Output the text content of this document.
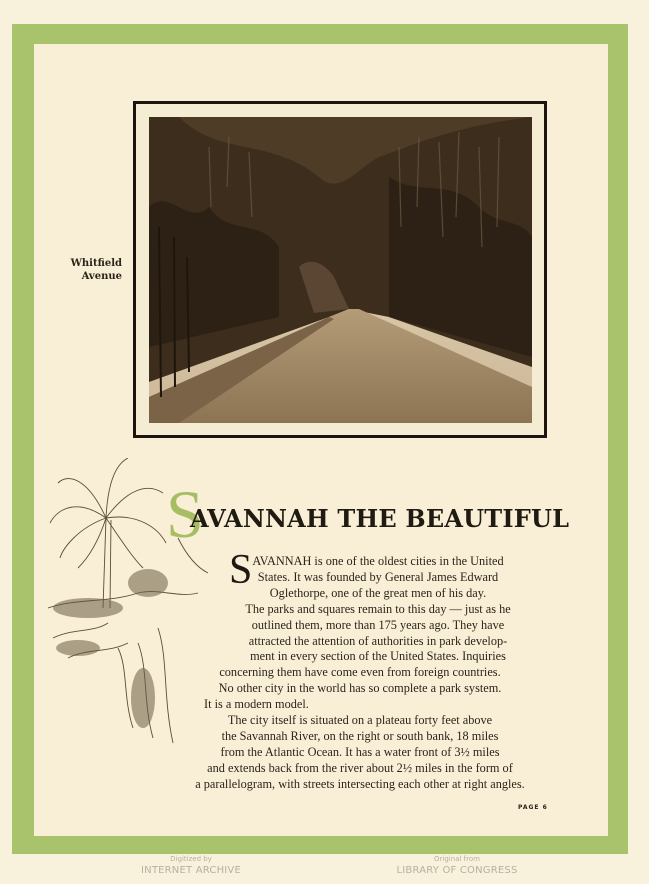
Whitfield
Avenue
S
AVANNAH THE BEAUTIFUL
S AVANNAH is one of the oldest cities in the United
States. It was founded by General James Edward
Oglethorpe, one of the great men of his day.
The parks and squares remain to this day — just as he
outlined them, more than 175 years ago. They have
attracted the attention of authorities in park develop-
ment in every section of the United States. Inquiries
concerning them have come even from foreign countries.
No other city in the world has so complete a park system.
It is a modern model.
The city itself is situated on a plateau forty feet above
the Savannah River, on the right or south bank, 18 miles
from the Atlantic Ocean. It has a water front of 3½ miles
and extends back from the river about 2½ miles in the form of
a parallelogram, with streets intersecting each other at right angles.
PAGE 6
Digitized by
INTERNET ARCHIVE
Original from
LIBRARY OF CONGRESS
